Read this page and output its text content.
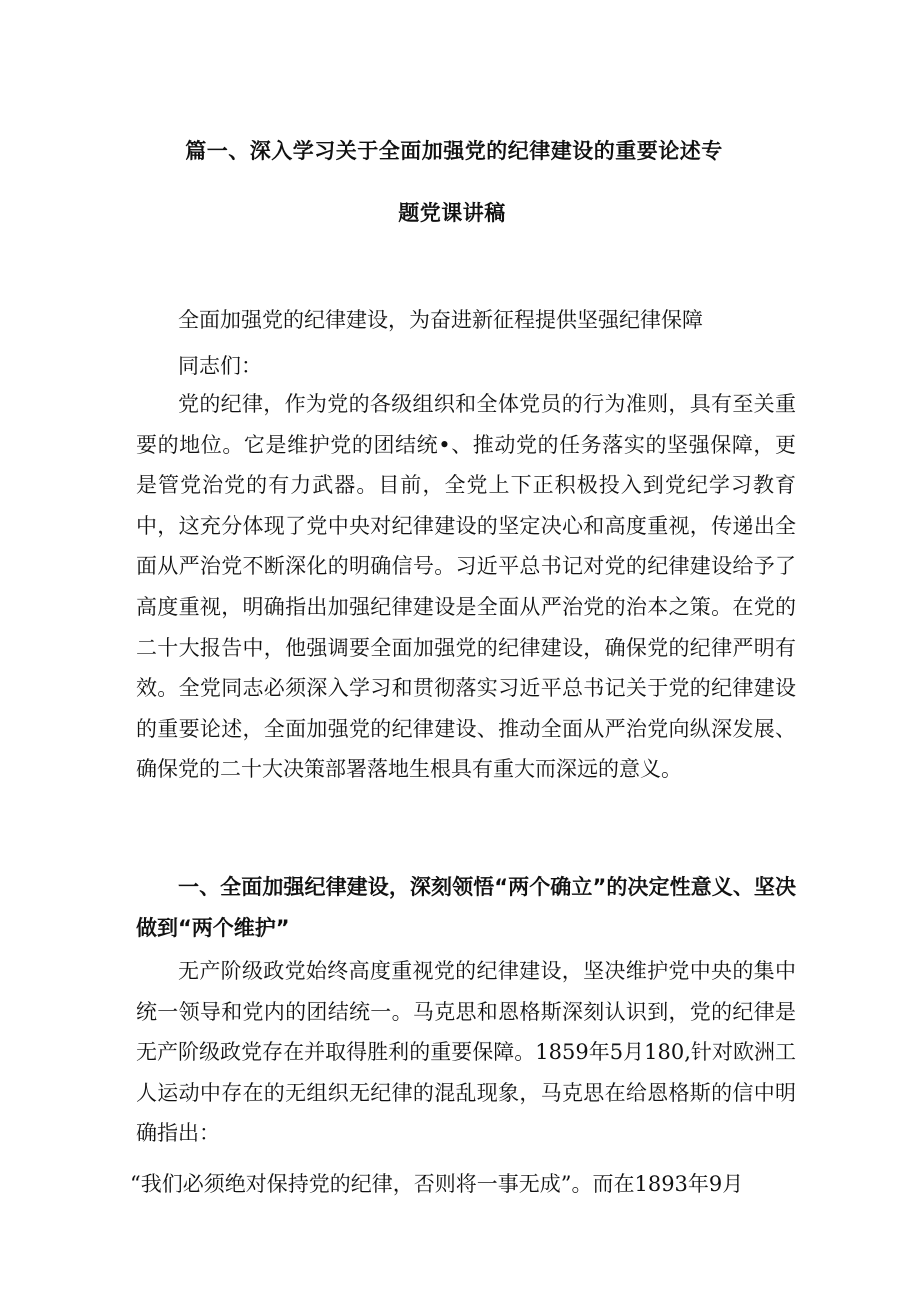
篇一、深入学习关于全面加强党的纪律建设的重要论述专
题党课讲稿

全面加强党的纪律建设，为奋进新征程提供坚强纪律保障

同志们：

党的纪律，作为党的各级组织和全体党员的行为准则，具有至关重要的地位。它是维护党的团结统•、推动党的任务落实的坚强保障，更是管党治党的有力武器。目前，全党上下正积极投入到党纪学习教育中，这充分体现了党中央对纪律建设的坚定决心和高度重视，传递出全面从严治党不断深化的明确信号。习近平总书记对党的纪律建设给予了高度重视，明确指出加强纪律建设是全面从严治党的治本之策。在党的二十大报告中，他强调要全面加强党的纪律建设，确保党的纪律严明有效。全党同志必须深入学习和贯彻落实习近平总书记关于党的纪律建设的重要论述，全面加强党的纪律建设、推动全面从严治党向纵深发展、确保党的二十大决策部署落地生根具有重大而深远的意义。

一、全面加强纪律建设，深刻领悟“两个确立”的决定性意义、坚决做到“两个维护”

无产阶级政党始终高度重视党的纪律建设，坚决维护党中央的集中统一领导和党内的团结统一。马克思和恩格斯深刻认识到，党的纪律是无产阶级政党存在并取得胜利的重要保障。1859年5月180,针对欧洲工人运动中存在的无组织无纪律的混乱现象，马克思在给恩格斯的信中明确指出：

“我们必须绝对保持党的纪律，否则将一事无成”。而在1893年9月
